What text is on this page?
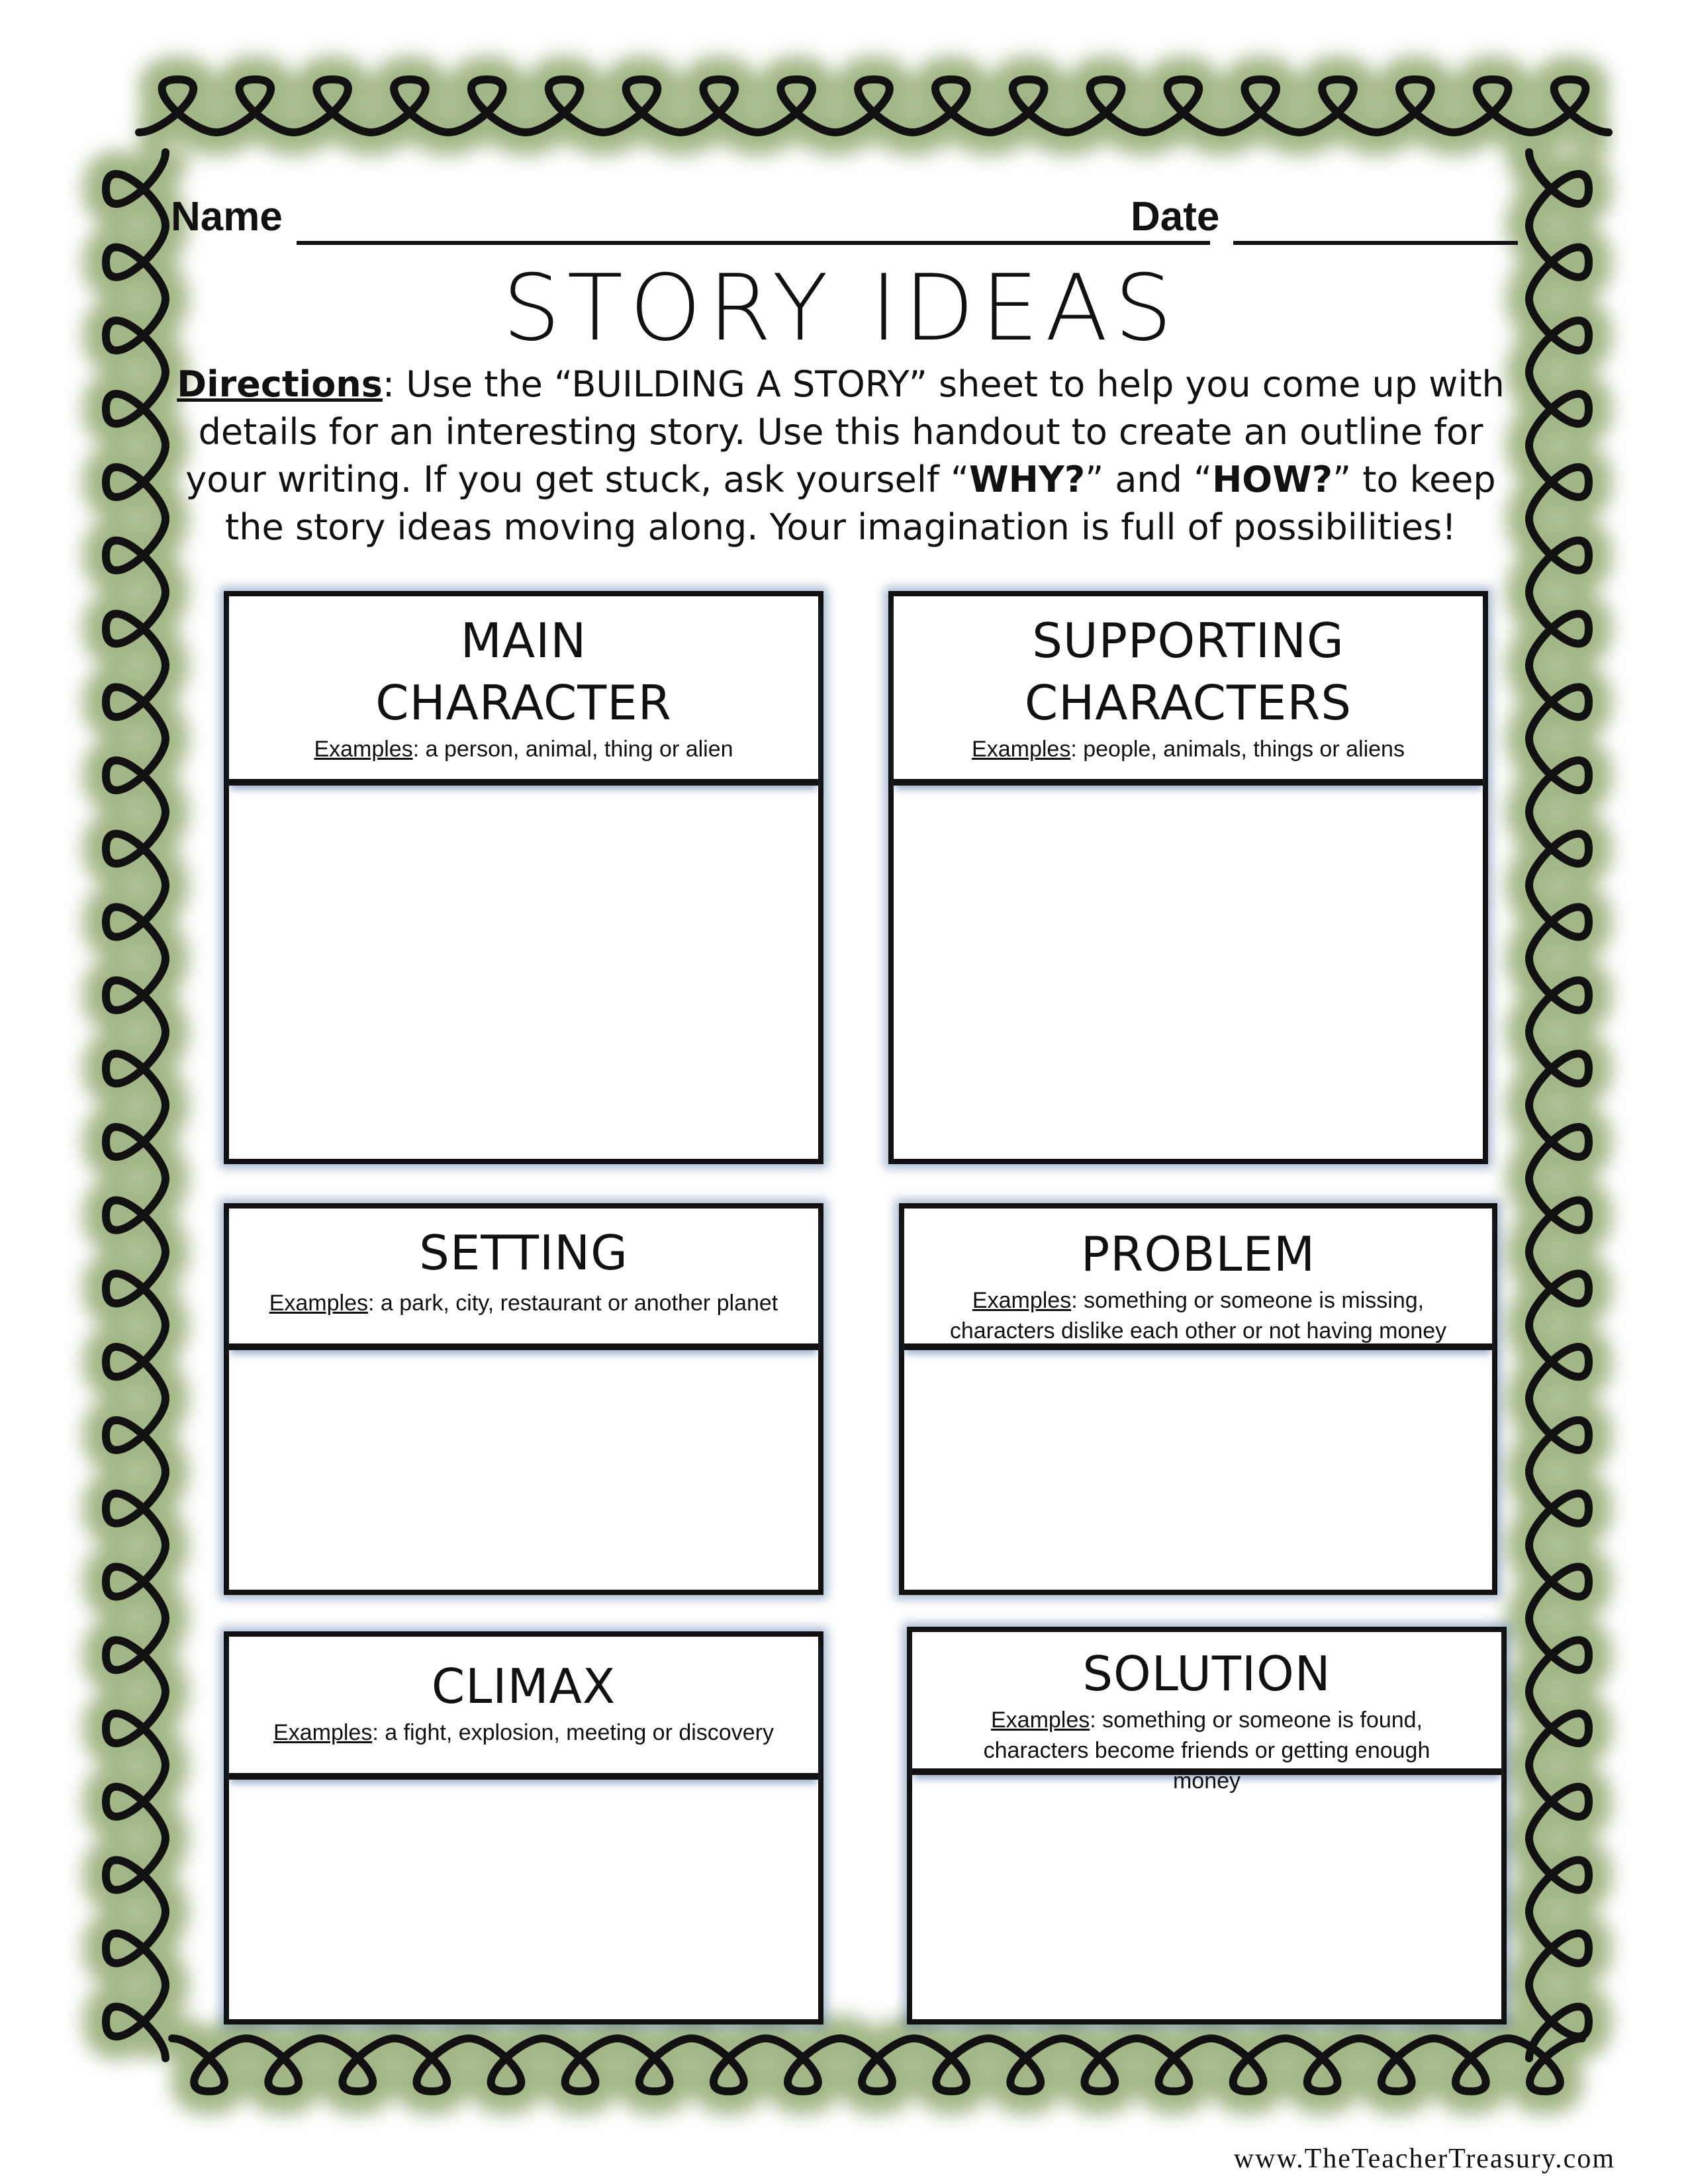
Name	Date
STORY IDEAS
Directions: Use the “BUILDING A STORY” sheet to help you come up with details for an interesting story. Use this handout to create an outline for your writing. If you get stuck, ask yourself “WHY?” and “HOW?” to keep the story ideas moving along. Your imagination is full of possibilities!
MAIN
CHARACTER
Examples: a person, animal, thing or alien
SUPPORTING
CHARACTERS
Examples: people, animals, things or aliens
SETTING
Examples: a park, city, restaurant or another planet
PROBLEM
Examples: something or someone is missing, characters dislike each other or not having money
CLIMAX
Examples: a fight, explosion, meeting or discovery
SOLUTION
Examples: something or someone is found, characters become friends or getting enough money
www.TheTeacherTreasury.com
